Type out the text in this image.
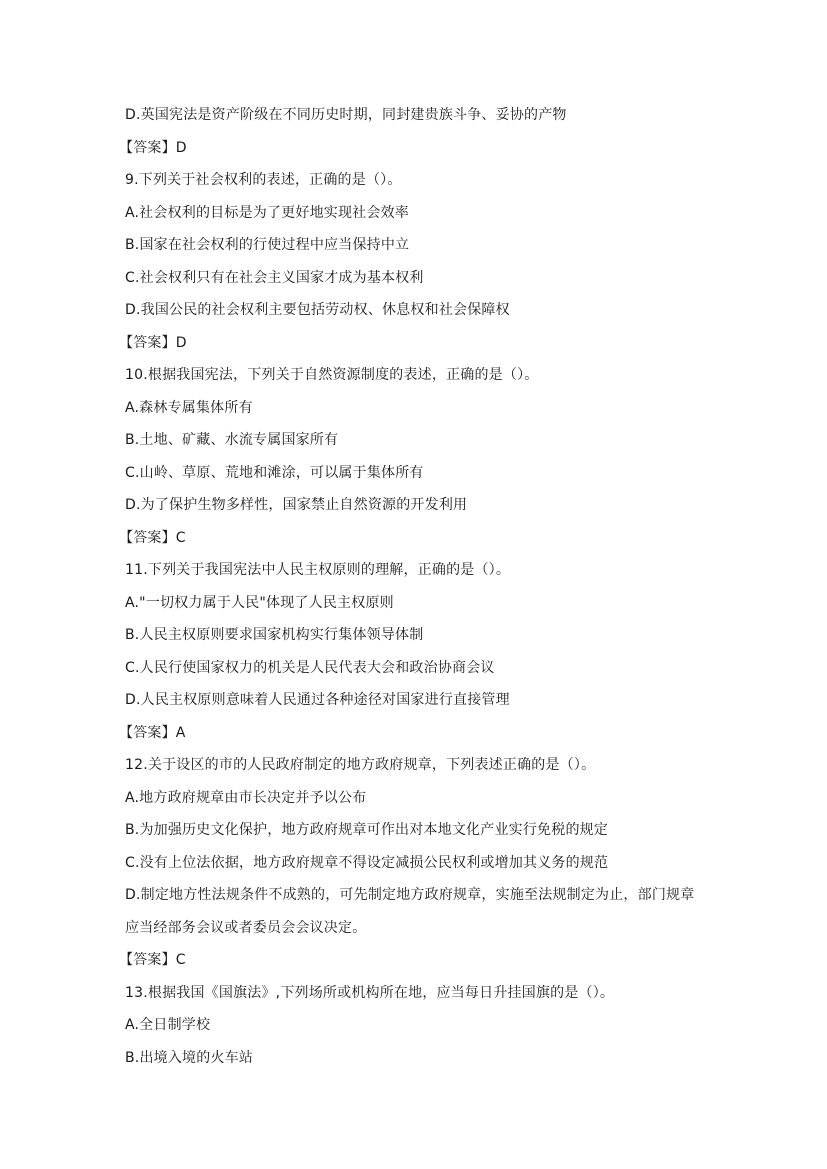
D.英国宪法是资产阶级在不同历史时期，同封建贵族斗争、妥协的产物
【答案】D
9.下列关于社会权利的表述，正确的是（）。
A.社会权利的目标是为了更好地实现社会效率
B.国家在社会权利的行使过程中应当保持中立
C.社会权利只有在社会主义国家才成为基本权利
D.我国公民的社会权利主要包括劳动权、休息权和社会保障权
【答案】D
10.根据我国宪法，下列关于自然资源制度的表述，正确的是（）。
A.森林专属集体所有
B.土地、矿藏、水流专属国家所有
C.山岭、草原、荒地和滩涂，可以属于集体所有
D.为了保护生物多样性，国家禁止自然资源的开发利用
【答案】C
11.下列关于我国宪法中人民主权原则的理解，正确的是（）。
A."一切权力属于人民"体现了人民主权原则
B.人民主权原则要求国家机构实行集体领导体制
C.人民行使国家权力的机关是人民代表大会和政治协商会议
D.人民主权原则意味着人民通过各种途径对国家进行直接管理
【答案】A
12.关于设区的市的人民政府制定的地方政府规章，下列表述正确的是（）。
A.地方政府规章由市长决定并予以公布
B.为加强历史文化保护，地方政府规章可作出对本地文化产业实行免税的规定
C.没有上位法依据，地方政府规章不得设定减损公民权利或增加其义务的规范
D.制定地方性法规条件不成熟的，可先制定地方政府规章，实施至法规制定为止，部门规章
应当经部务会议或者委员会会议决定。
【答案】C
13.根据我国《国旗法》,下列场所或机构所在地，应当每日升挂国旗的是（）。
A.全日制学校
B.出境入境的火车站
